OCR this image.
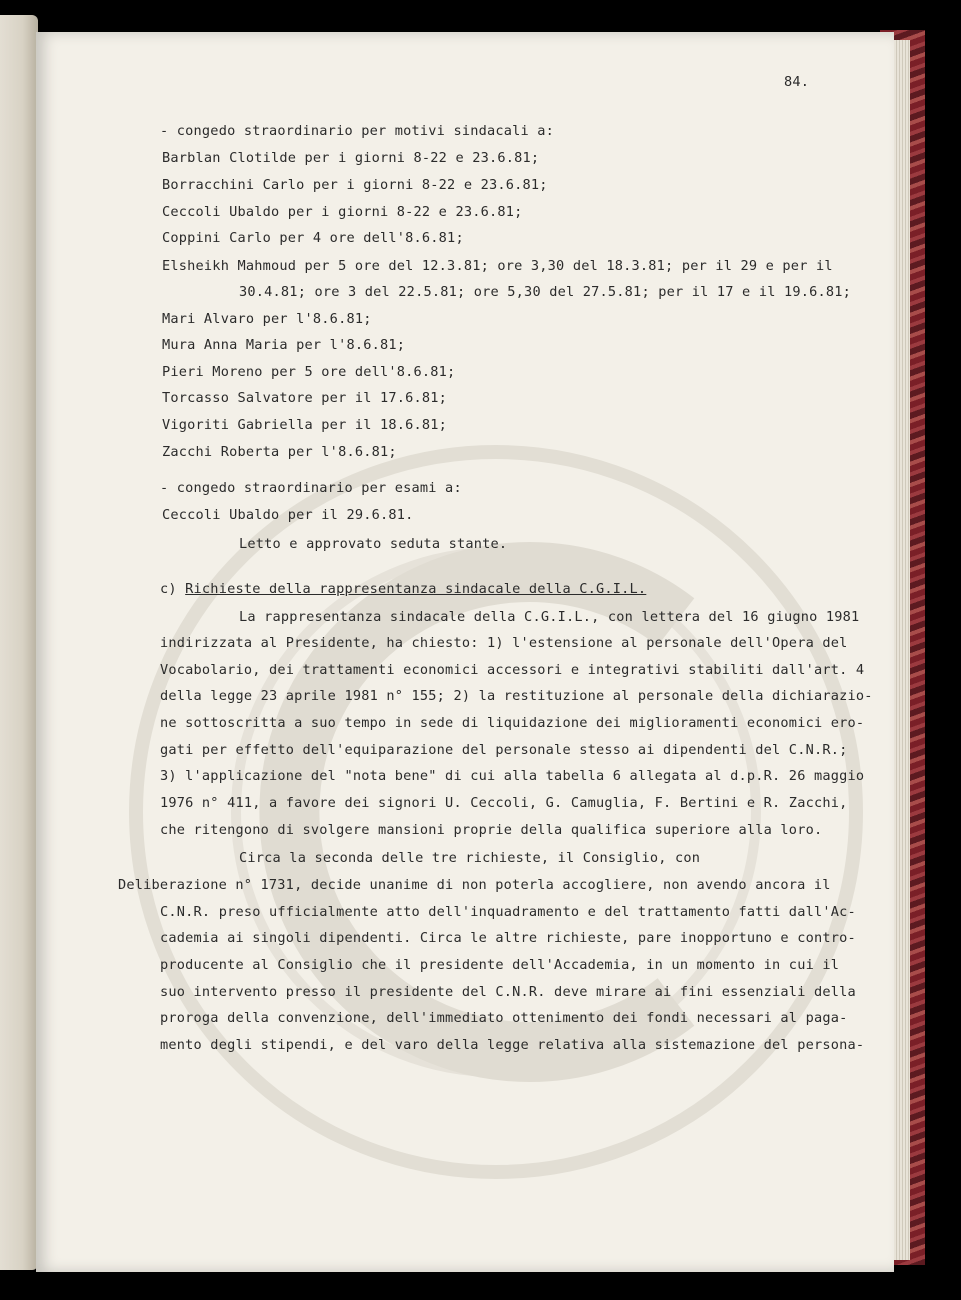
84.
- congedo straordinario per motivi sindacali a:
Barblan Clotilde per i giorni 8-22 e 23.6.81;
Borracchini Carlo per i giorni 8-22 e 23.6.81;
Ceccoli Ubaldo per i giorni 8-22 e 23.6.81;
Coppini Carlo per 4 ore dell'8.6.81;
Elsheikh Mahmoud per 5 ore del 12.3.81; ore 3,30 del 18.3.81; per il 29 e per il
30.4.81; ore 3 del 22.5.81; ore 5,30 del 27.5.81; per il 17 e il 19.6.81;
Mari Alvaro per l'8.6.81;
Mura Anna Maria per l'8.6.81;
Pieri Moreno per 5 ore dell'8.6.81;
Torcasso Salvatore per il 17.6.81;
Vigoriti Gabriella per il 18.6.81;
Zacchi Roberta per l'8.6.81;
- congedo straordinario per esami a:
Ceccoli Ubaldo per il 29.6.81.
Letto e approvato seduta stante.
c) Richieste della rappresentanza sindacale della C.G.I.L.
La rappresentanza sindacale della C.G.I.L., con lettera del 16 giugno 1981
indirizzata al Presidente, ha chiesto: 1) l'estensione al personale dell'Opera del
Vocabolario, dei trattamenti economici accessori e integrativi stabiliti dall'art. 4
della legge 23 aprile 1981 n° 155; 2) la restituzione al personale della dichiarazio-
ne sottoscritta a suo tempo in sede di liquidazione dei miglioramenti economici ero-
gati per effetto dell'equiparazione del personale stesso ai dipendenti del C.N.R.;
3) l'applicazione del "nota bene" di cui alla tabella 6 allegata al d.p.R. 26 maggio
1976 n° 411, a favore dei signori U. Ceccoli, G. Camuglia, F. Bertini e R. Zacchi,
che ritengono di svolgere mansioni proprie della qualifica superiore alla loro.
Circa la seconda delle tre richieste, il Consiglio, con
Deliberazione n° 1731, decide unanime di non poterla accogliere, non avendo ancora il
C.N.R. preso ufficialmente atto dell'inquadramento e del trattamento fatti dall'Ac-
cademia ai singoli dipendenti. Circa le altre richieste, pare inopportuno e contro-
producente al Consiglio che il presidente dell'Accademia, in un momento in cui il
suo intervento presso il presidente del C.N.R. deve mirare ai fini essenziali della
proroga della convenzione, dell'immediato ottenimento dei fondi necessari al paga-
mento degli stipendi, e del varo della legge relativa alla sistemazione del persona-
